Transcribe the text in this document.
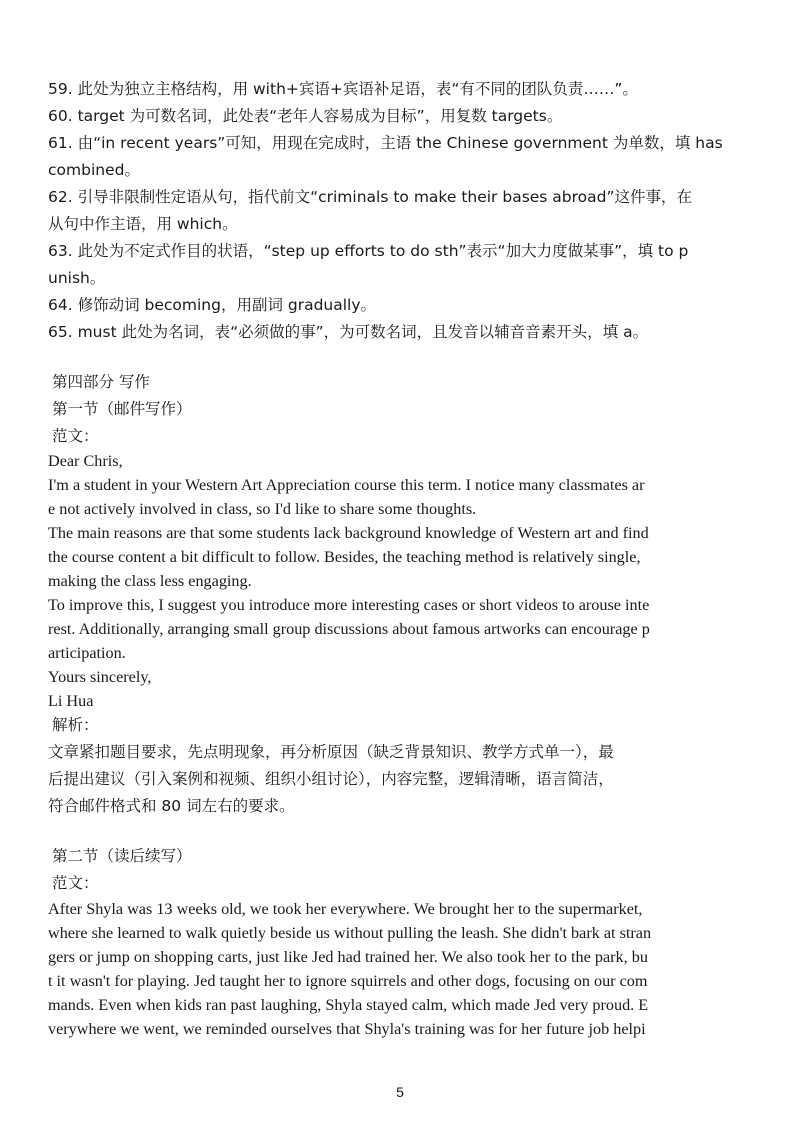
59. 此处为独立主格结构，用 with+宾语+宾语补足语，表“有不同的团队负责……”。
60. target 为可数名词，此处表“老年人容易成为目标”，用复数 targets。
61. 由“in recent years”可知，用现在完成时，主语 the Chinese government 为单数，填 has
combined。
62. 引导非限制性定语从句，指代前文“criminals to make their bases abroad”这件事，在
从句中作主语，用 which。
63. 此处为不定式作目的状语，“step up efforts to do sth”表示“加大力度做某事”，填 to p
unish。
64. 修饰动词 becoming，用副词 gradually。
65. must 此处为名词，表“必须做的事”，为可数名词，且发音以辅音音素开头，填 a。
第四部分 写作
第一节（邮件写作）
范文：
Dear Chris,
I'm a student in your Western Art Appreciation course this term. I notice many classmates ar
e not actively involved in class, so I'd like to share some thoughts.
The main reasons are that some students lack background knowledge of Western art and find
the course content a bit difficult to follow. Besides, the teaching method is relatively single,
making the class less engaging.
To improve this, I suggest you introduce more interesting cases or short videos to arouse inte
rest. Additionally, arranging small group discussions about famous artworks can encourage p
articipation.
Yours sincerely,
Li Hua
解析：
文章紧扣题目要求，先点明现象，再分析原因（缺乏背景知识、教学方式单一），最
后提出建议（引入案例和视频、组织小组讨论），内容完整，逻辑清晰，语言简洁，
符合邮件格式和 80 词左右的要求。
第二节（读后续写）
范文：
After Shyla was 13 weeks old, we took her everywhere. We brought her to the supermarket,
where she learned to walk quietly beside us without pulling the leash. She didn't bark at stran
gers or jump on shopping carts, just like Jed had trained her. We also took her to the park, bu
t it wasn't for playing. Jed taught her to ignore squirrels and other dogs, focusing on our com
mands. Even when kids ran past laughing, Shyla stayed calm, which made Jed very proud. E
verywhere we went, we reminded ourselves that Shyla's training was for her future job helpi
5
